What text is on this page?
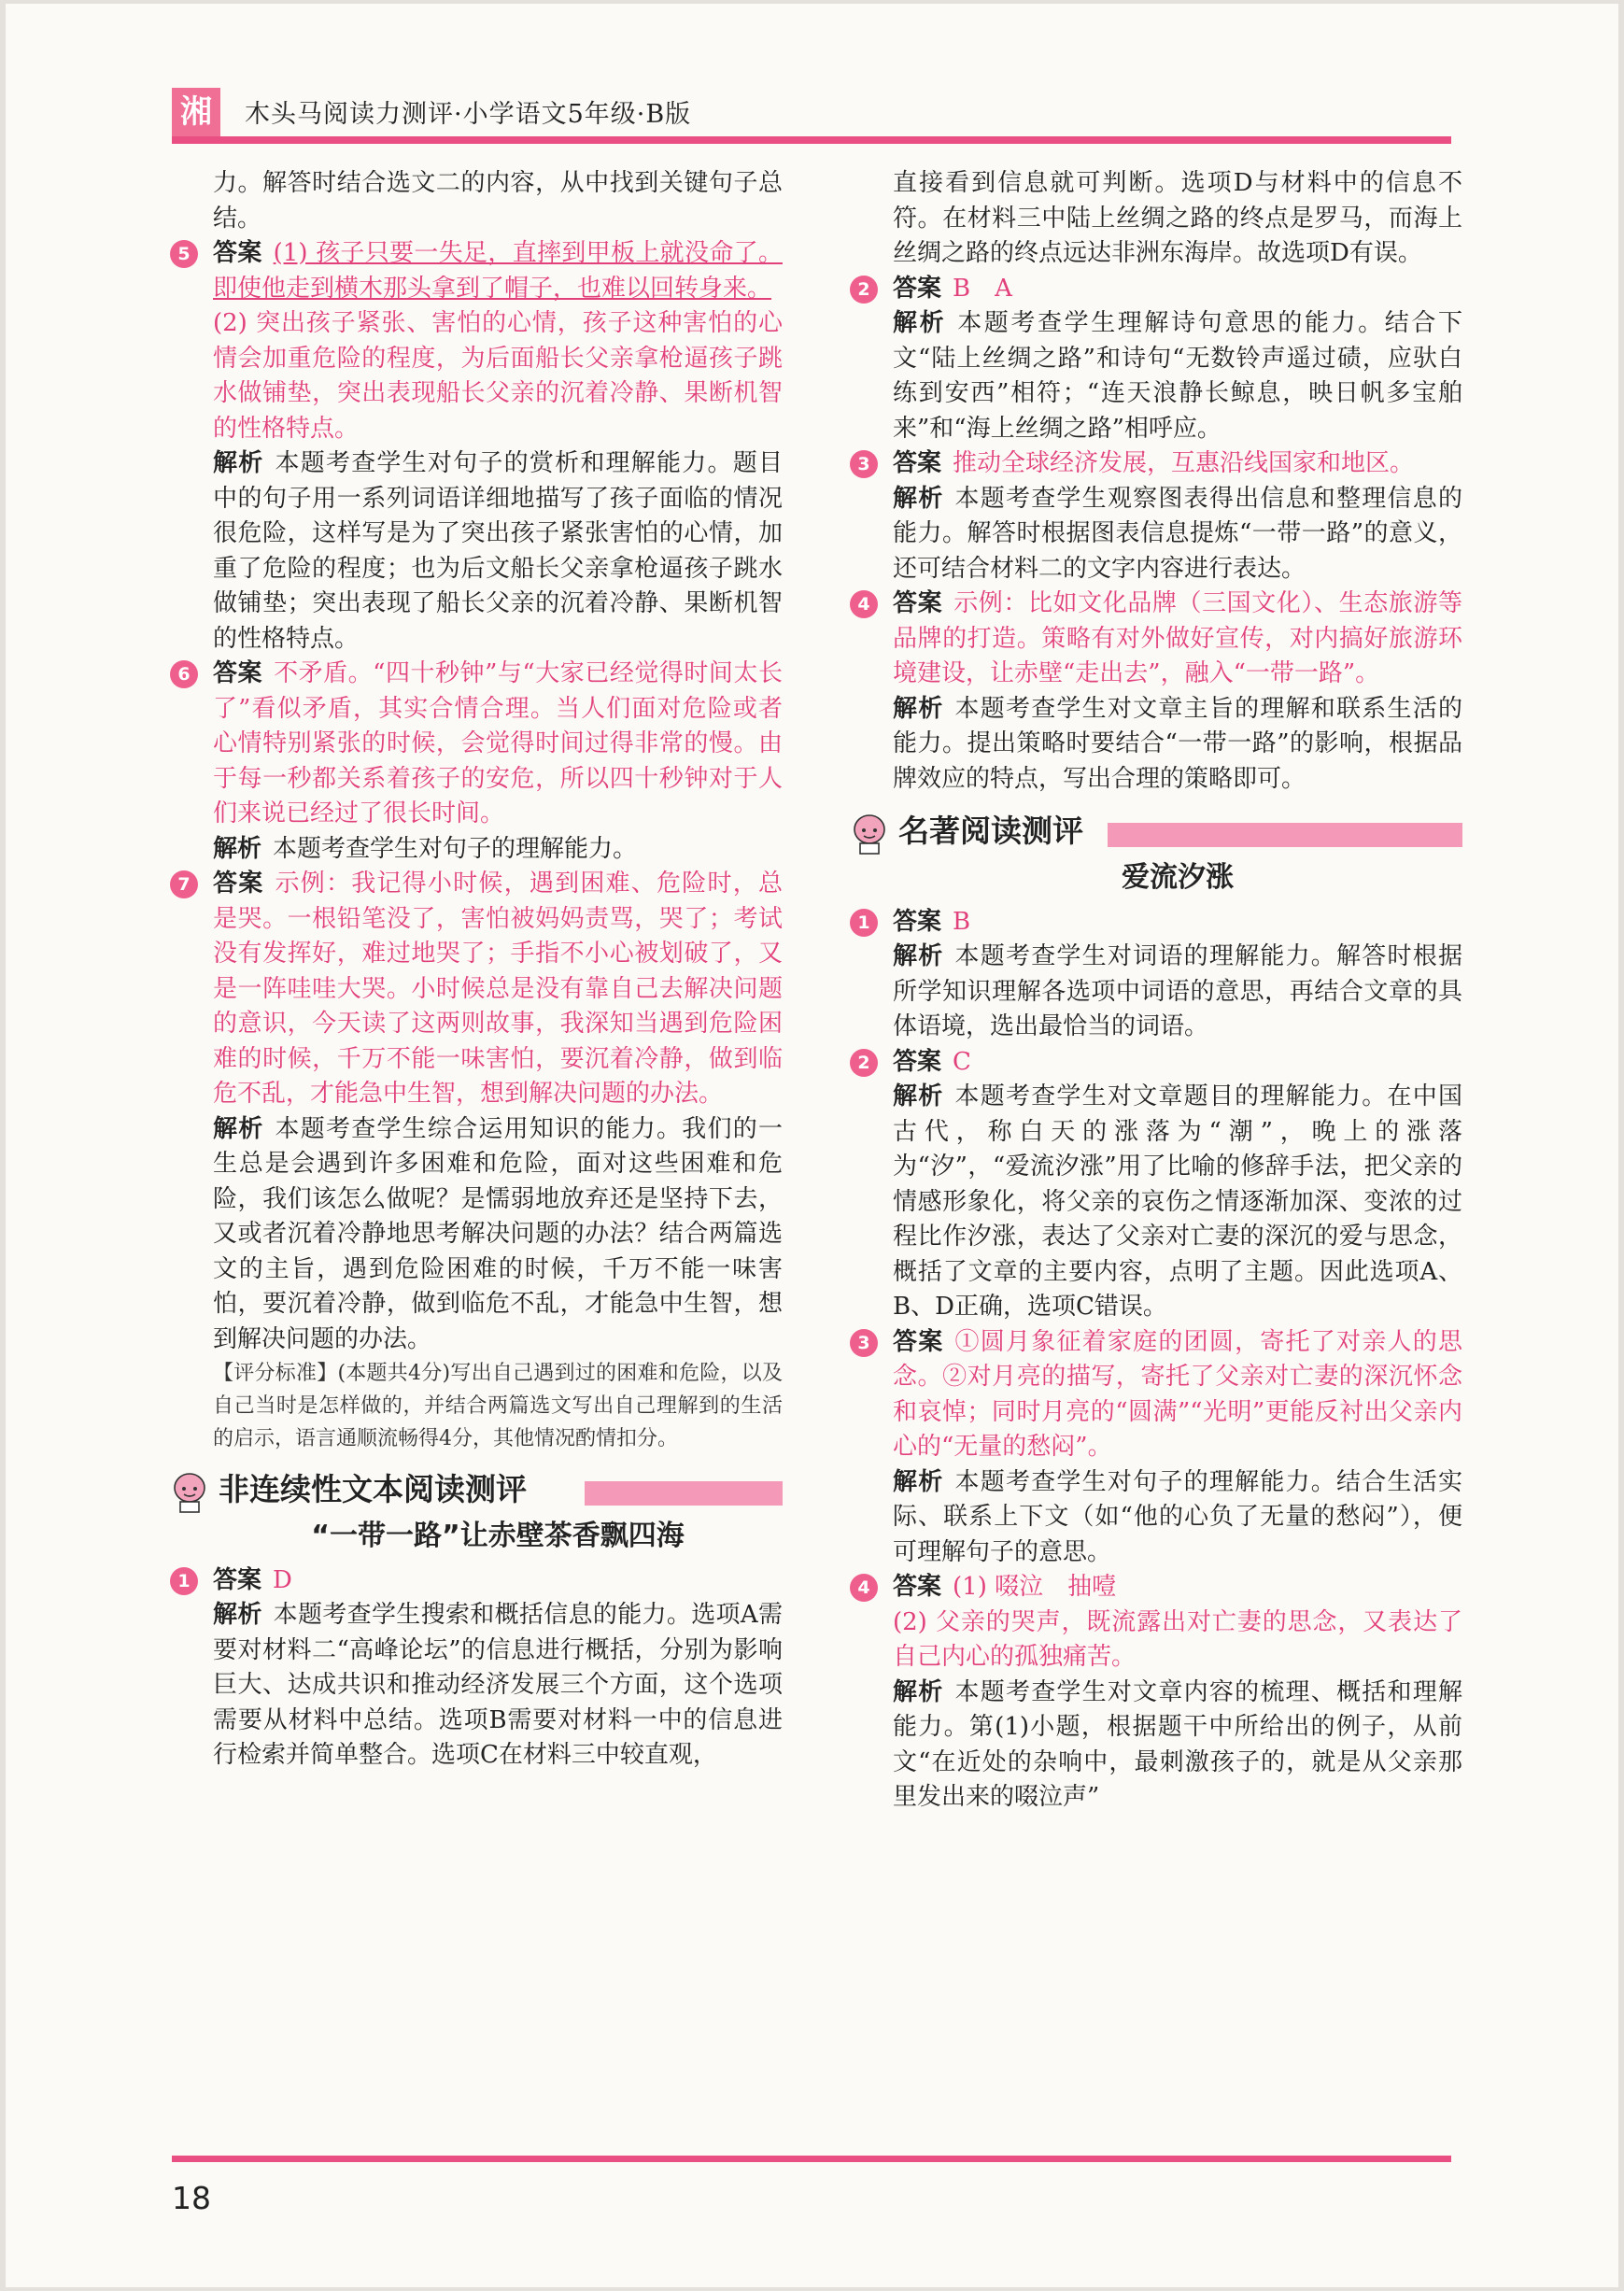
湘	木头马阅读力测评·小学语文5年级·B版

力。解答时结合选文二的内容，从中找到关键句子总结。

5 答案 (1) 孩子只要一失足，直摔到甲板上就没命了。即使他走到横木那头拿到了帽子，也难以回转身来。

(2) 突出孩子紧张、害怕的心情，孩子这种害怕的心情会加重危险的程度，为后面船长父亲拿枪逼孩子跳水做铺垫，突出表现船长父亲的沉着冷静、果断机智的性格特点。

解析 本题考查学生对句子的赏析和理解能力。题目中的句子用一系列词语详细地描写了孩子面临的情况很危险，这样写是为了突出孩子紧张害怕的心情，加重了危险的程度；也为后文船长父亲拿枪逼孩子跳水做铺垫；突出表现了船长父亲的沉着冷静、果断机智的性格特点。

6 答案 不矛盾。“四十秒钟”与“大家已经觉得时间太长了”看似矛盾，其实合情合理。当人们面对危险或者心情特别紧张的时候，会觉得时间过得非常的慢。由于每一秒都关系着孩子的安危，所以四十秒钟对于人们来说已经过了很长时间。

解析 本题考查学生对句子的理解能力。

7 答案 示例：我记得小时候，遇到困难、危险时，总是哭。一根铅笔没了，害怕被妈妈责骂，哭了；考试没有发挥好，难过地哭了；手指不小心被划破了，又是一阵哇哇大哭。小时候总是没有靠自己去解决问题的意识，今天读了这两则故事，我深知当遇到危险困难的时候，千万不能一味害怕，要沉着冷静，做到临危不乱，才能急中生智，想到解决问题的办法。

解析 本题考查学生综合运用知识的能力。我们的一生总是会遇到许多困难和危险，面对这些困难和危险，我们该怎么做呢？是懦弱地放弃还是坚持下去，又或者沉着冷静地思考解决问题的办法？结合两篇选文的主旨，遇到危险困难的时候，千万不能一味害怕，要沉着冷静，做到临危不乱，才能急中生智，想到解决问题的办法。

【评分标准】(本题共4分)写出自己遇到过的困难和危险，以及自己当时是怎样做的，并结合两篇选文写出自己理解到的生活的启示，语言通顺流畅得4分，其他情况酌情扣分。

非连续性文本阅读测评
“一带一路”让赤壁茶香飘四海
1 答案 D

解析 本题考查学生搜索和概括信息的能力。选项A需要对材料二“高峰论坛”的信息进行概括，分别为影响巨大、达成共识和推动经济发展三个方面，这个选项需要从材料中总结。选项B需要对材料一中的信息进行检索并简单整合。选项C在材料三中较直观，

直接看到信息就可判断。选项D与材料中的信息不符。在材料三中陆上丝绸之路的终点是罗马，而海上丝绸之路的终点远达非洲东海岸。故选项D有误。

2 答案 B　A

解析 本题考查学生理解诗句意思的能力。结合下文“陆上丝绸之路”和诗句“无数铃声遥过碛，应驮白练到安西”相符；“连天浪静长鲸息，映日帆多宝舶来”和“海上丝绸之路”相呼应。

3 答案 推动全球经济发展，互惠沿线国家和地区。

解析 本题考查学生观察图表得出信息和整理信息的能力。解答时根据图表信息提炼“一带一路”的意义，还可结合材料二的文字内容进行表达。

4 答案 示例：比如文化品牌（三国文化）、生态旅游等品牌的打造。策略有对外做好宣传，对内搞好旅游环境建设，让赤壁“走出去”，融入“一带一路”。

解析 本题考查学生对文章主旨的理解和联系生活的能力。提出策略时要结合“一带一路”的影响，根据品牌效应的特点，写出合理的策略即可。

名著阅读测评
爱流汐涨
1 答案 B

解析 本题考查学生对词语的理解能力。解答时根据所学知识理解各选项中词语的意思，再结合文章的具体语境，选出最恰当的词语。

2 答案 C

解析 本题考查学生对文章题目的理解能力。在中国古代，称白天的涨落为“潮”，晚上的涨落为“汐”，“爱流汐涨”用了比喻的修辞手法，把父亲的情感形象化，将父亲的哀伤之情逐渐加深、变浓的过程比作汐涨，表达了父亲对亡妻的深沉的爱与思念，概括了文章的主要内容，点明了主题。因此选项A、B、D正确，选项C错误。

3 答案 ①圆月象征着家庭的团圆，寄托了对亲人的思念。②对月亮的描写，寄托了父亲对亡妻的深沉怀念和哀悼；同时月亮的“圆满”“光明”更能反衬出父亲内心的“无量的愁闷”。

解析 本题考查学生对句子的理解能力。结合生活实际、联系上下文（如“他的心负了无量的愁闷”），便可理解句子的意思。

4 答案 (1) 啜泣　抽噎

(2) 父亲的哭声，既流露出对亡妻的思念，又表达了自己内心的孤独痛苦。

解析 本题考查学生对文章内容的梳理、概括和理解能力。第(1)小题，根据题干中所给出的例子，从前文“在近处的杂响中，最刺激孩子的，就是从父亲那里发出来的啜泣声”

18
